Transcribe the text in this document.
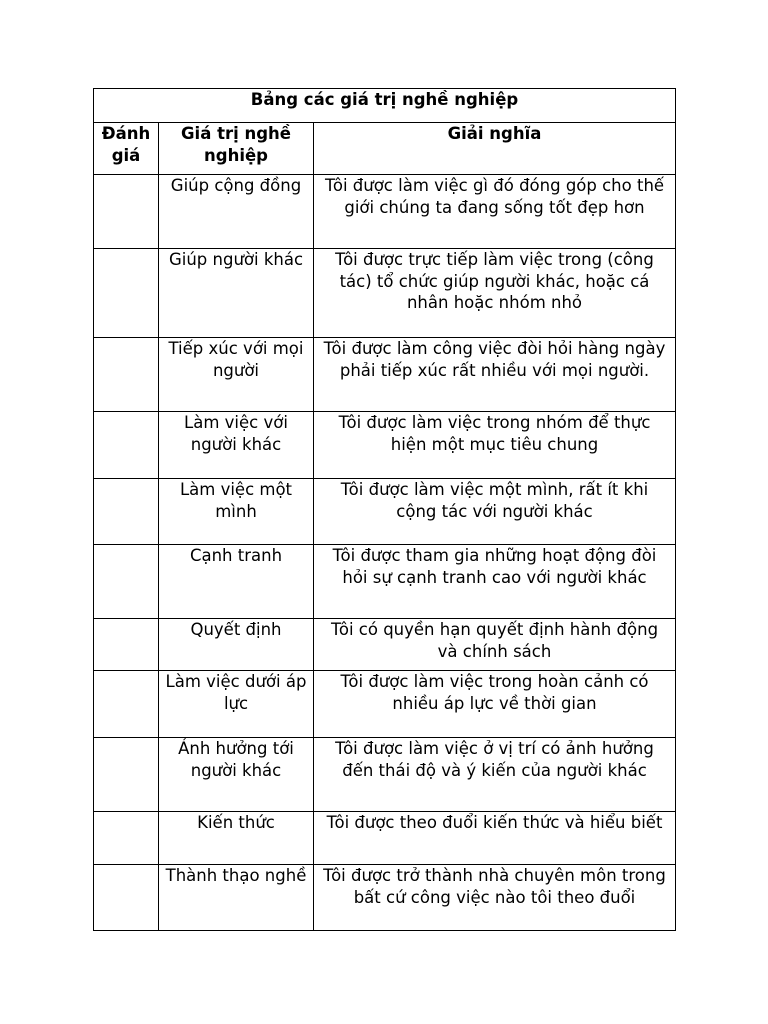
Bảng các giá trị nghề nghiệp		
Đánh giá	Giá trị nghề nghiệp	Giải nghĩa
	Giúp cộng đồng	Tôi được làm việc gì đó đóng góp cho thế giới chúng ta đang sống tốt đẹp hơn
	Giúp người khác	Tôi được trực tiếp làm việc trong (công tác) tổ chức giúp người khác, hoặc cá nhân hoặc nhóm nhỏ
	Tiếp xúc với mọi người	Tôi được làm công việc đòi hỏi hàng ngày phải tiếp xúc rất nhiều với mọi người.
	Làm việc với người khác	Tôi được làm việc trong nhóm để thực hiện một mục tiêu chung
	Làm việc một mình	Tôi được làm việc một mình, rất ít khi cộng tác với người khác
	Cạnh tranh	Tôi được tham gia những hoạt động đòi hỏi sự cạnh tranh cao với người khác
	Quyết định	Tôi có quyền hạn quyết định hành động và chính sách
	Làm việc dưới áp lực	Tôi được làm việc trong hoàn cảnh có nhiều áp lực về thời gian
	Ảnh hưởng tới người khác	Tôi được làm việc ở vị trí có ảnh hưởng đến thái độ và ý kiến của người khác
	Kiến thức	Tôi được theo đuổi kiến thức và hiểu biết
	Thành thạo nghề	Tôi được trở thành nhà chuyên môn trong bất cứ công việc nào tôi theo đuổi
